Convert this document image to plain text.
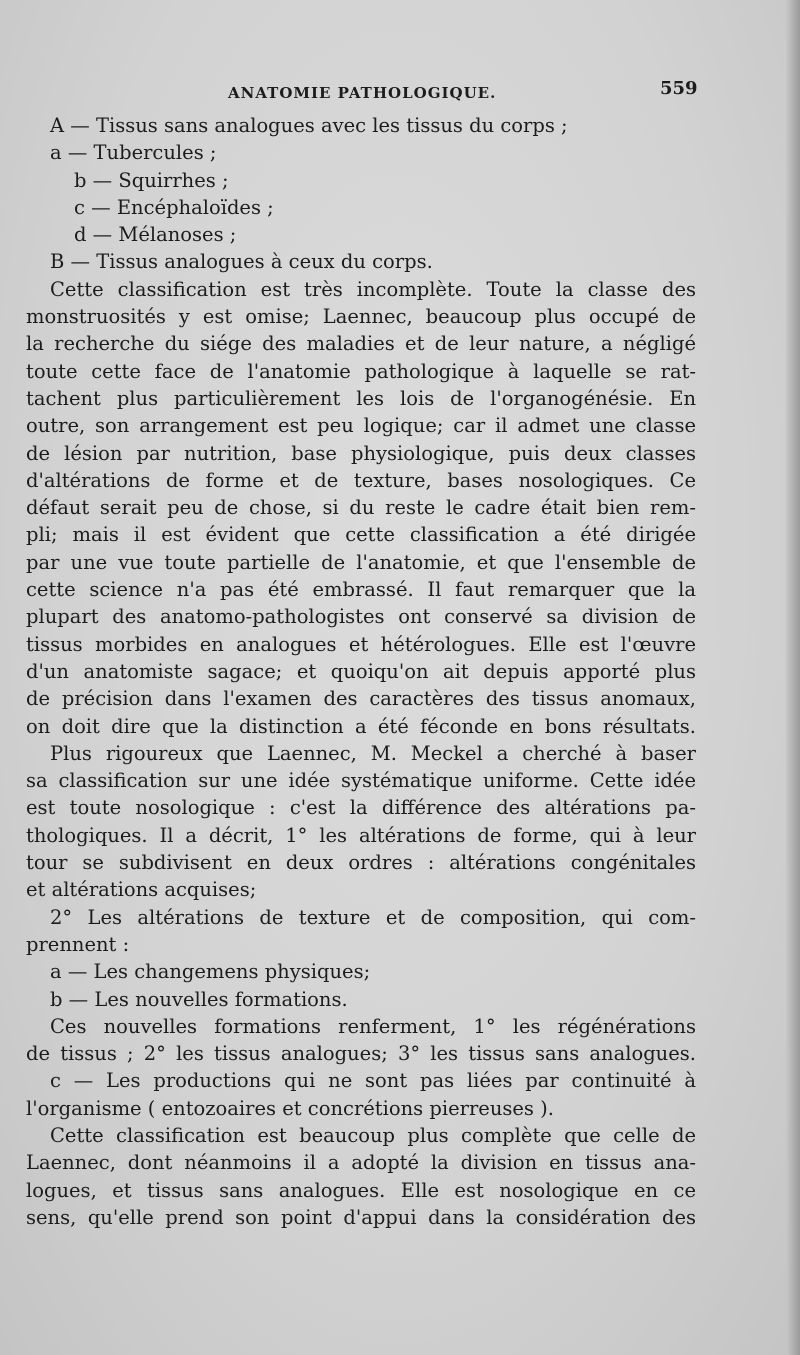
ANATOMIE PATHOLOGIQUE.	559
A — Tissus sans analogues avec les tissus du corps ;
a — Tubercules ;
b — Squirrhes ;
c — Encéphaloïdes ;
d — Mélanoses ;
B — Tissus analogues à ceux du corps.
Cette classification est très incomplète. Toute la classe des
monstruosités y est omise; Laennec, beaucoup plus occupé de
la recherche du siége des maladies et de leur nature, a négligé
toute cette face de l'anatomie pathologique à laquelle se rat-
tachent plus particulièrement les lois de l'organogénésie. En
outre, son arrangement est peu logique; car il admet une classe
de lésion par nutrition, base physiologique, puis deux classes
d'altérations de forme et de texture, bases nosologiques. Ce
défaut serait peu de chose, si du reste le cadre était bien rem-
pli; mais il est évident que cette classification a été dirigée
par une vue toute partielle de l'anatomie, et que l'ensemble de
cette science n'a pas été embrassé. Il faut remarquer que la
plupart des anatomo-pathologistes ont conservé sa division de
tissus morbides en analogues et hétérologues. Elle est l'œuvre
d'un anatomiste sagace; et quoiqu'on ait depuis apporté plus
de précision dans l'examen des caractères des tissus anomaux,
on doit dire que la distinction a été féconde en bons résultats.
Plus rigoureux que Laennec, M. Meckel a cherché à baser
sa classification sur une idée systématique uniforme. Cette idée
est toute nosologique : c'est la différence des altérations pa-
thologiques. Il a décrit, 1° les altérations de forme, qui à leur
tour se subdivisent en deux ordres : altérations congénitales
et altérations acquises;
2° Les altérations de texture et de composition, qui com-
prennent :
a — Les changemens physiques;
b — Les nouvelles formations.
Ces nouvelles formations renferment, 1° les régénérations
de tissus ; 2° les tissus analogues; 3° les tissus sans analogues.
c — Les productions qui ne sont pas liées par continuité à
l'organisme ( entozoaires et concrétions pierreuses ).
Cette classification est beaucoup plus complète que celle de
Laennec, dont néanmoins il a adopté la division en tissus ana-
logues, et tissus sans analogues. Elle est nosologique en ce
sens, qu'elle prend son point d'appui dans la considération des
